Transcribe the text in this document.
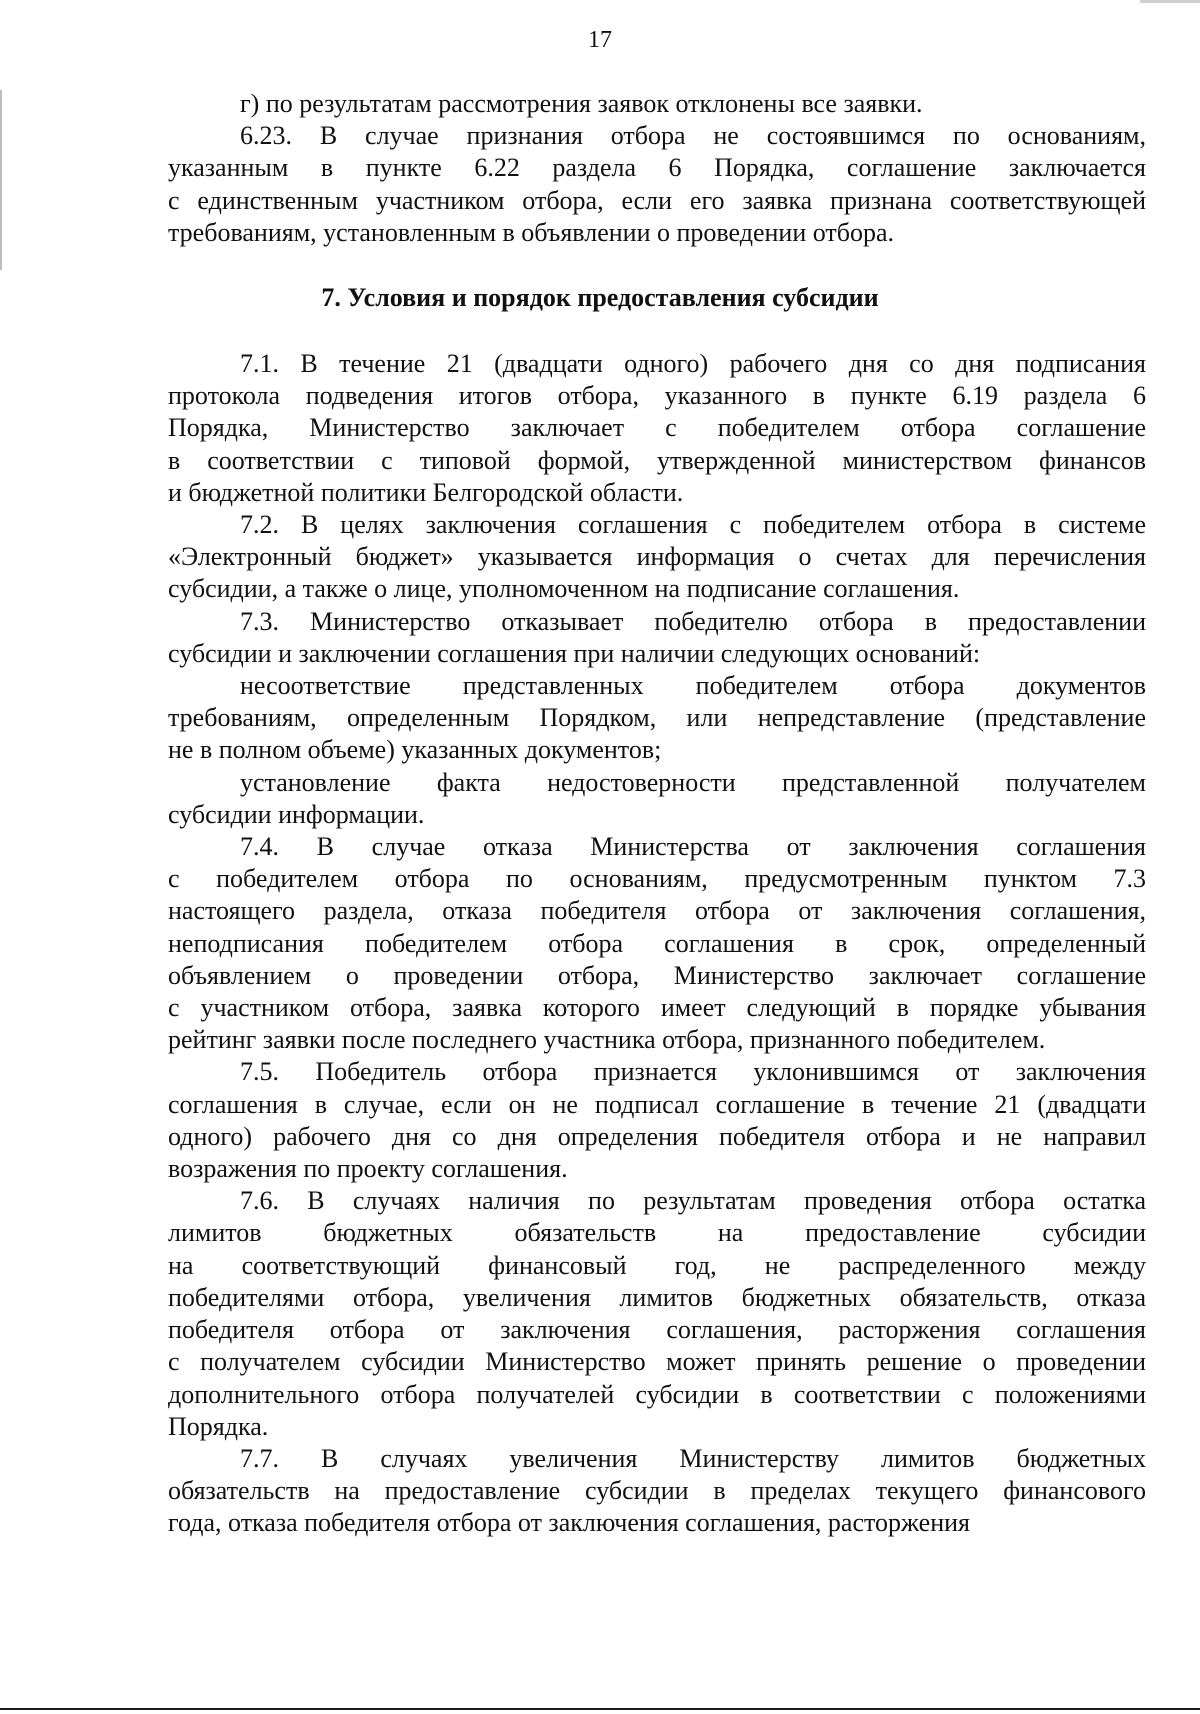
17
г) по результатам рассмотрения заявок отклонены все заявки.
6.23. В случае признания отбора не состоявшимся по основаниям,
указанным в пункте 6.22 раздела 6 Порядка, соглашение заключается
с единственным участником отбора, если его заявка признана соответствующей
требованиям, установленным в объявлении о проведении отбора.
7. Условия и порядок предоставления субсидии
7.1. В течение 21 (двадцати одного) рабочего дня со дня подписания
протокола подведения итогов отбора, указанного в пункте 6.19 раздела 6
Порядка, Министерство заключает с победителем отбора соглашение
в соответствии с типовой формой, утвержденной министерством финансов
и бюджетной политики Белгородской области.
7.2. В целях заключения соглашения с победителем отбора в системе
«Электронный бюджет» указывается информация о счетах для перечисления
субсидии, а также о лице, уполномоченном на подписание соглашения.
7.3. Министерство отказывает победителю отбора в предоставлении
субсидии и заключении соглашения при наличии следующих оснований:
несоответствие представленных победителем отбора документов
требованиям, определенным Порядком, или непредставление (представление
не в полном объеме) указанных документов;
установление факта недостоверности представленной получателем
субсидии информации.
7.4. В случае отказа Министерства от заключения соглашения
с победителем отбора по основаниям, предусмотренным пунктом 7.3
настоящего раздела, отказа победителя отбора от заключения соглашения,
неподписания победителем отбора соглашения в срок, определенный
объявлением о проведении отбора, Министерство заключает соглашение
с участником отбора, заявка которого имеет следующий в порядке убывания
рейтинг заявки после последнего участника отбора, признанного победителем.
7.5. Победитель отбора признается уклонившимся от заключения
соглашения в случае, если он не подписал соглашение в течение 21 (двадцати
одного) рабочего дня со дня определения победителя отбора и не направил
возражения по проекту соглашения.
7.6. В случаях наличия по результатам проведения отбора остатка
лимитов бюджетных обязательств на предоставление субсидии
на соответствующий финансовый год, не распределенного между
победителями отбора, увеличения лимитов бюджетных обязательств, отказа
победителя отбора от заключения соглашения, расторжения соглашения
с получателем субсидии Министерство может принять решение о проведении
дополнительного отбора получателей субсидии в соответствии с положениями
Порядка.
7.7. В случаях увеличения Министерству лимитов бюджетных
обязательств на предоставление субсидии в пределах текущего финансового
года, отказа победителя отбора от заключения соглашения, расторжения
